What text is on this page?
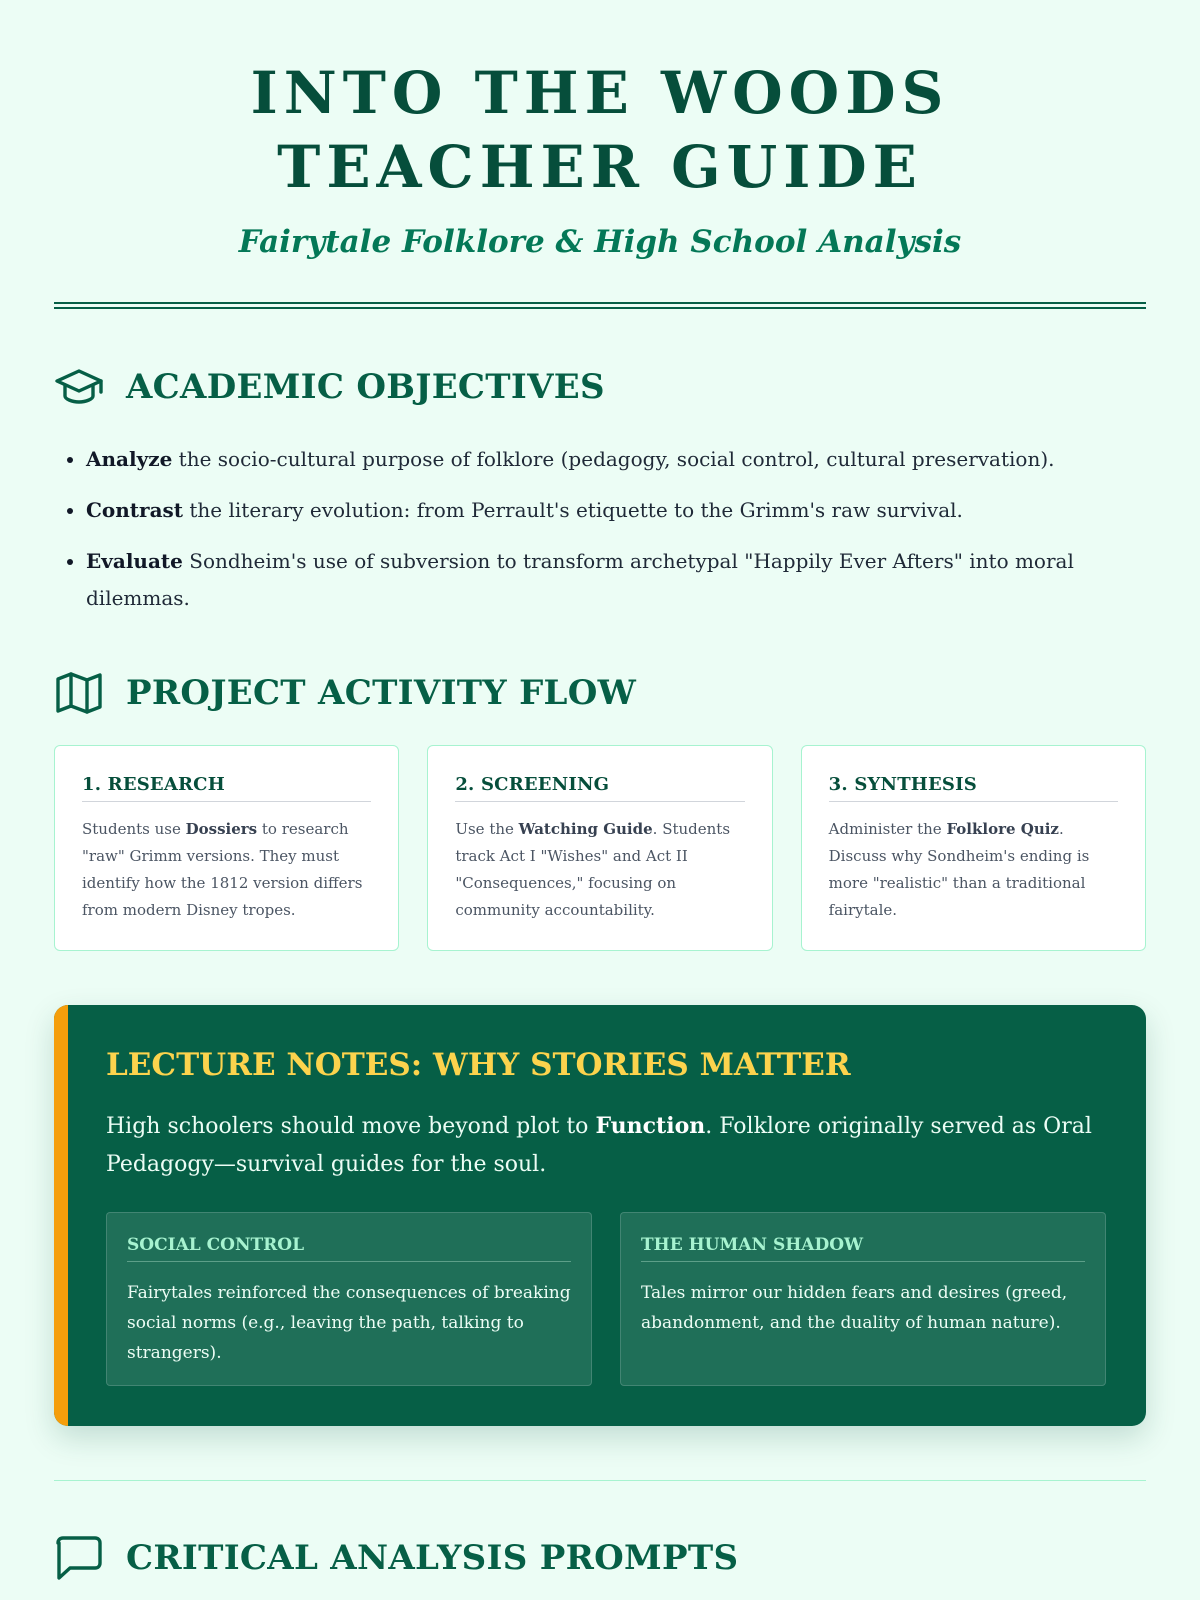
INTO THE WOODS TEACHER GUIDE

Fairytale Folklore & High School Analysis

ACADEMIC OBJECTIVES
• Analyze the socio-cultural purpose of folklore (pedagogy, social control, cultural preservation).
• Contrast the literary evolution: from Perrault's etiquette to the Grimm's raw survival.
• Evaluate Sondheim's use of subversion to transform archetypal "Happily Ever Afters" into moral dilemmas.
PROJECT ACTIVITY FLOW
1. RESEARCH

Students use Dossiers to research "raw" Grimm versions. They must identify how the 1812 version differs from modern Disney tropes.

2. SCREENING

Use the Watching Guide. Students track Act I "Wishes" and Act II "Consequences," focusing on community accountability.

3. SYNTHESIS

Administer the Folklore Quiz. Discuss why Sondheim's ending is more "realistic" than a traditional fairytale.

LECTURE NOTES: WHY STORIES MATTER

High schoolers should move beyond plot to Function. Folklore originally served as Oral Pedagogy—survival guides for the soul.

SOCIAL CONTROL

Fairytales reinforced the consequences of breaking social norms (e.g., leaving the path, talking to strangers).

THE HUMAN SHADOW

Tales mirror our hidden fears and desires (greed, abandonment, and the duality of human nature).

CRITICAL ANALYSIS PROMPTS
